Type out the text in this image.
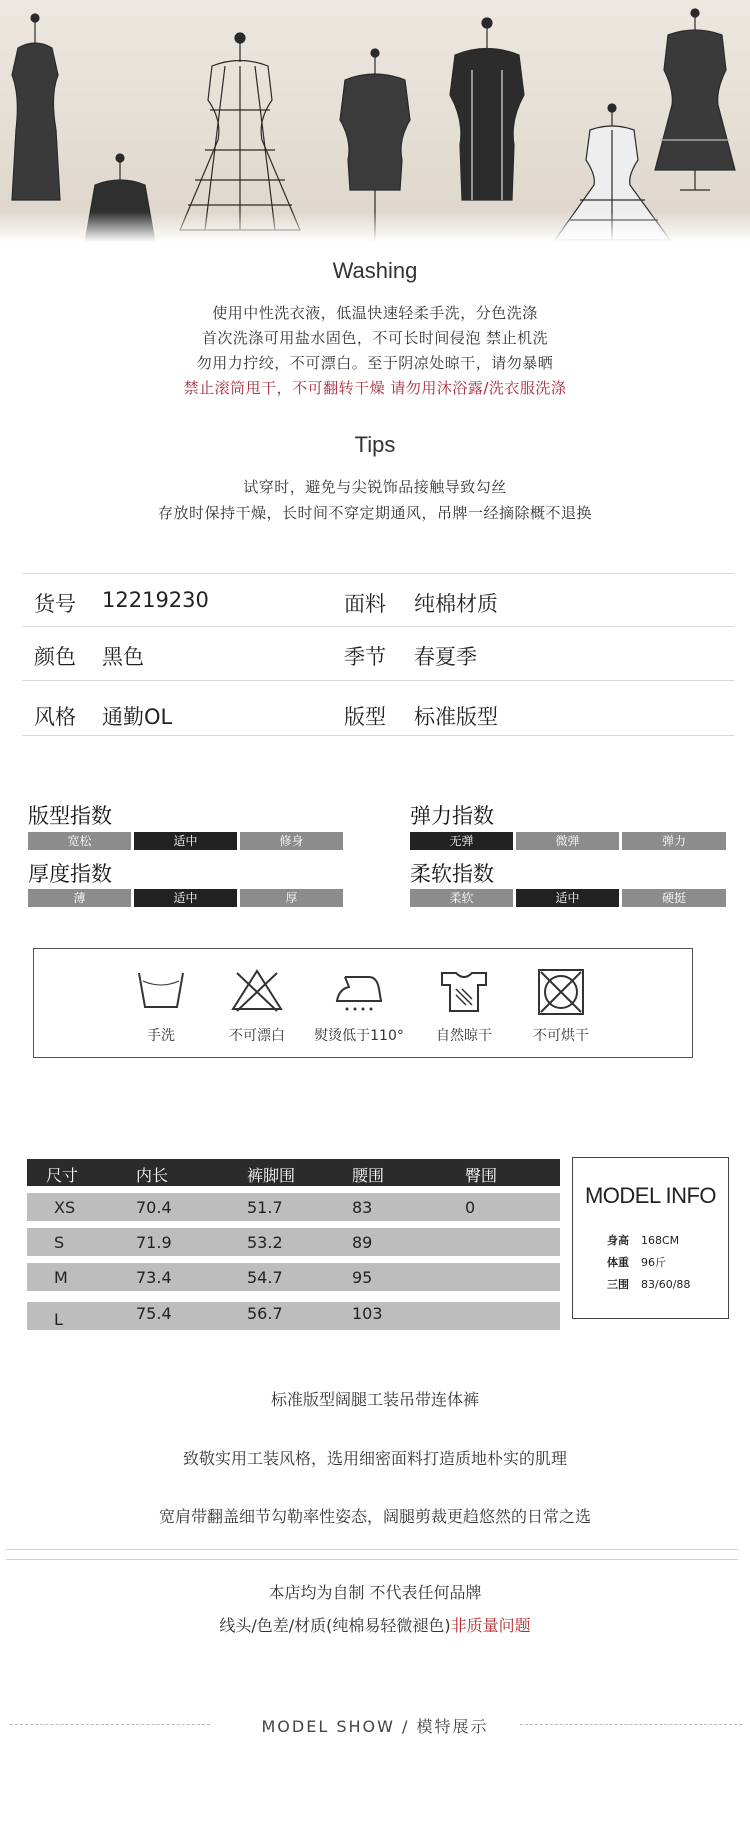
Washing
使用中性洗衣液，低温快速轻柔手洗，分色洗涤
首次洗涤可用盐水固色，不可长时间侵泡 禁止机洗
勿用力拧绞，不可漂白。至于阴凉处晾干，请勿暴晒
禁止滚筒甩干，不可翻转干燥 请勿用沐浴露/洗衣服洗涤
Tips
试穿时，避免与尖锐饰品接触导致勾丝
存放时保持干燥，长时间不穿定期通风，吊牌一经摘除概不退换
货号 12219230	面料 纯棉材质
颜色 黑色	季节 春夏季
风格 通勤OL	版型 标准版型
版型指数
宽松	适中	修身
弹力指数
无弹	微弹	弹力
厚度指数
薄	适中	厚
柔软指数
柔软	适中	硬挺
手洗	不可漂白	熨烫低于110°	自然晾干	不可烘干
尺寸	内长	裤脚围	腰围	臀围
XS	70.4	51.7	83	0
S	71.9	53.2	89
M	73.4	54.7	95
L	75.4	56.7	103
MODEL INFO
身高 168CM
体重 96斤
三围 83/60/88
标准版型阔腿工装吊带连体裤
致敬实用工装风格，选用细密面料打造质地朴实的肌理
宽肩带翻盖细节勾勒率性姿态，阔腿剪裁更趋悠然的日常之选
本店均为自制 不代表任何品牌
线头/色差/材质(纯棉易轻微褪色)非质量问题
MODEL SHOW / 模特展示
